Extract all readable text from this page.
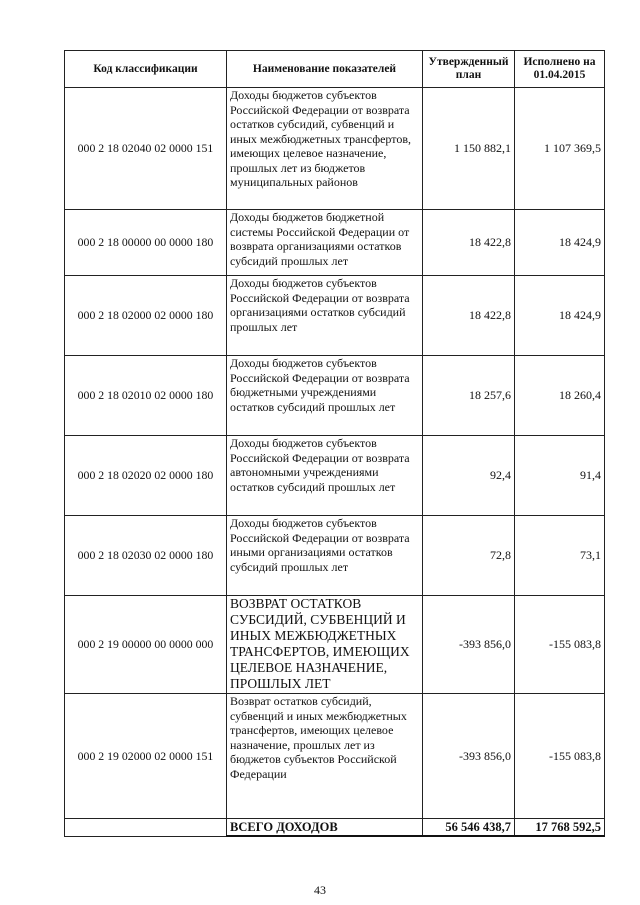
Код классификации	Наименование показателей	Утвержденный план	Исполнено на 01.04.2015
000 2 18 02040 02 0000 151	Доходы бюджетов субъектов Российской Федерации от возврата остатков субсидий, субвенций и иных межбюджетных трансфертов, имеющих целевое назначение, прошлых лет из бюджетов муниципальных районов	1 150 882,1	1 107 369,5
000 2 18 00000 00 0000 180	Доходы бюджетов бюджетной системы Российской Федерации от возврата организациями остатков субсидий прошлых лет	18 422,8	18 424,9
000 2 18 02000 02 0000 180	Доходы бюджетов субъектов Российской Федерации от возврата организациями остатков субсидий прошлых лет	18 422,8	18 424,9
000 2 18 02010 02 0000 180	Доходы бюджетов субъектов Российской Федерации от возврата бюджетными учреждениями остатков субсидий прошлых лет	18 257,6	18 260,4
000 2 18 02020 02 0000 180	Доходы бюджетов субъектов Российской Федерации от возврата автономными учреждениями остатков субсидий прошлых лет	92,4	91,4
000 2 18 02030 02 0000 180	Доходы бюджетов субъектов Российской Федерации от возврата иными организациями остатков субсидий прошлых лет	72,8	73,1
000 2 19 00000 00 0000 000	ВОЗВРАТ ОСТАТКОВ СУБСИДИЙ, СУБВЕНЦИЙ И ИНЫХ МЕЖБЮДЖЕТНЫХ ТРАНСФЕРТОВ, ИМЕЮЩИХ ЦЕЛЕВОЕ НАЗНАЧЕНИЕ, ПРОШЛЫХ ЛЕТ	-393 856,0	-155 083,8
000 2 19 02000 02 0000 151	Возврат остатков субсидий, субвенций и иных межбюджетных трансфертов, имеющих целевое назначение, прошлых лет из бюджетов субъектов Российской Федерации	-393 856,0	-155 083,8
	ВСЕГО ДОХОДОВ	56 546 438,7	17 768 592,5
43
